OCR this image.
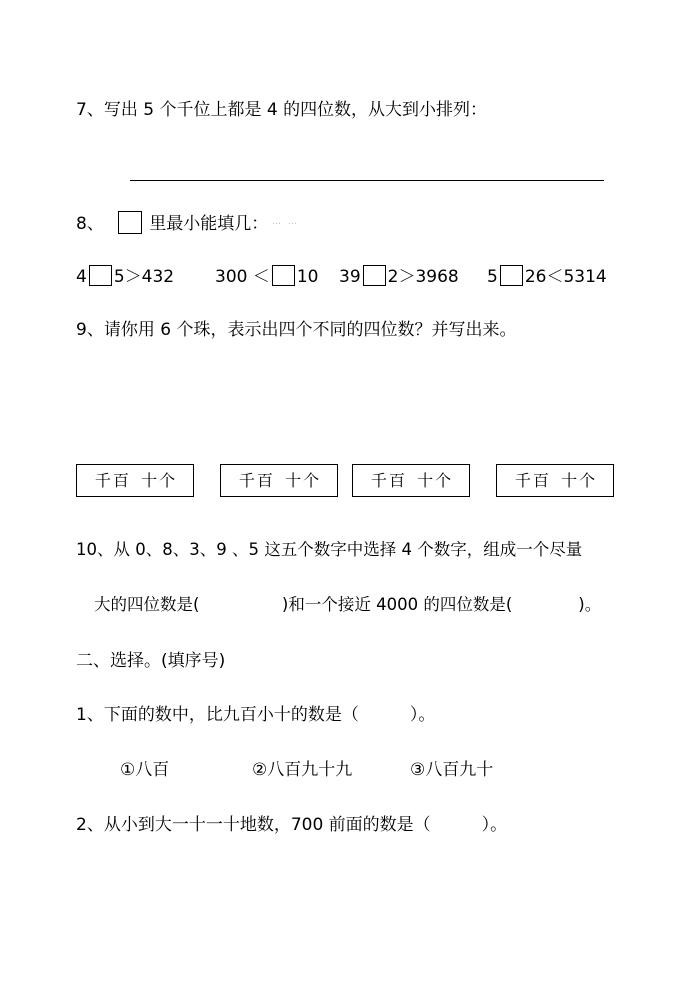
7、写出 5 个千位上都是 4 的四位数，从大到小排列：
8、	里最小能填几： … …
4 5＞432 300 ＜ 10 39 2＞3968 5 26＜5314
9、请你用 6 个珠，表示出四个不同的四位数？并写出来。
千 百 十 个	千 百 十 个	千 百 十 个	千 百 十 个
10、从 0、8、3、9 、5 这五个数字中选择 4 个数字，组成一个尽量
大的四位数是(　　　　　)和一个接近 4000 的四位数是(　　　　)。
二、选择。(填序号)
1、下面的数中，比九百小十的数是（　　　）。
①八百	②八百九十九	③八百九十
2、从小到大一十一十地数，700 前面的数是（　　　）。
